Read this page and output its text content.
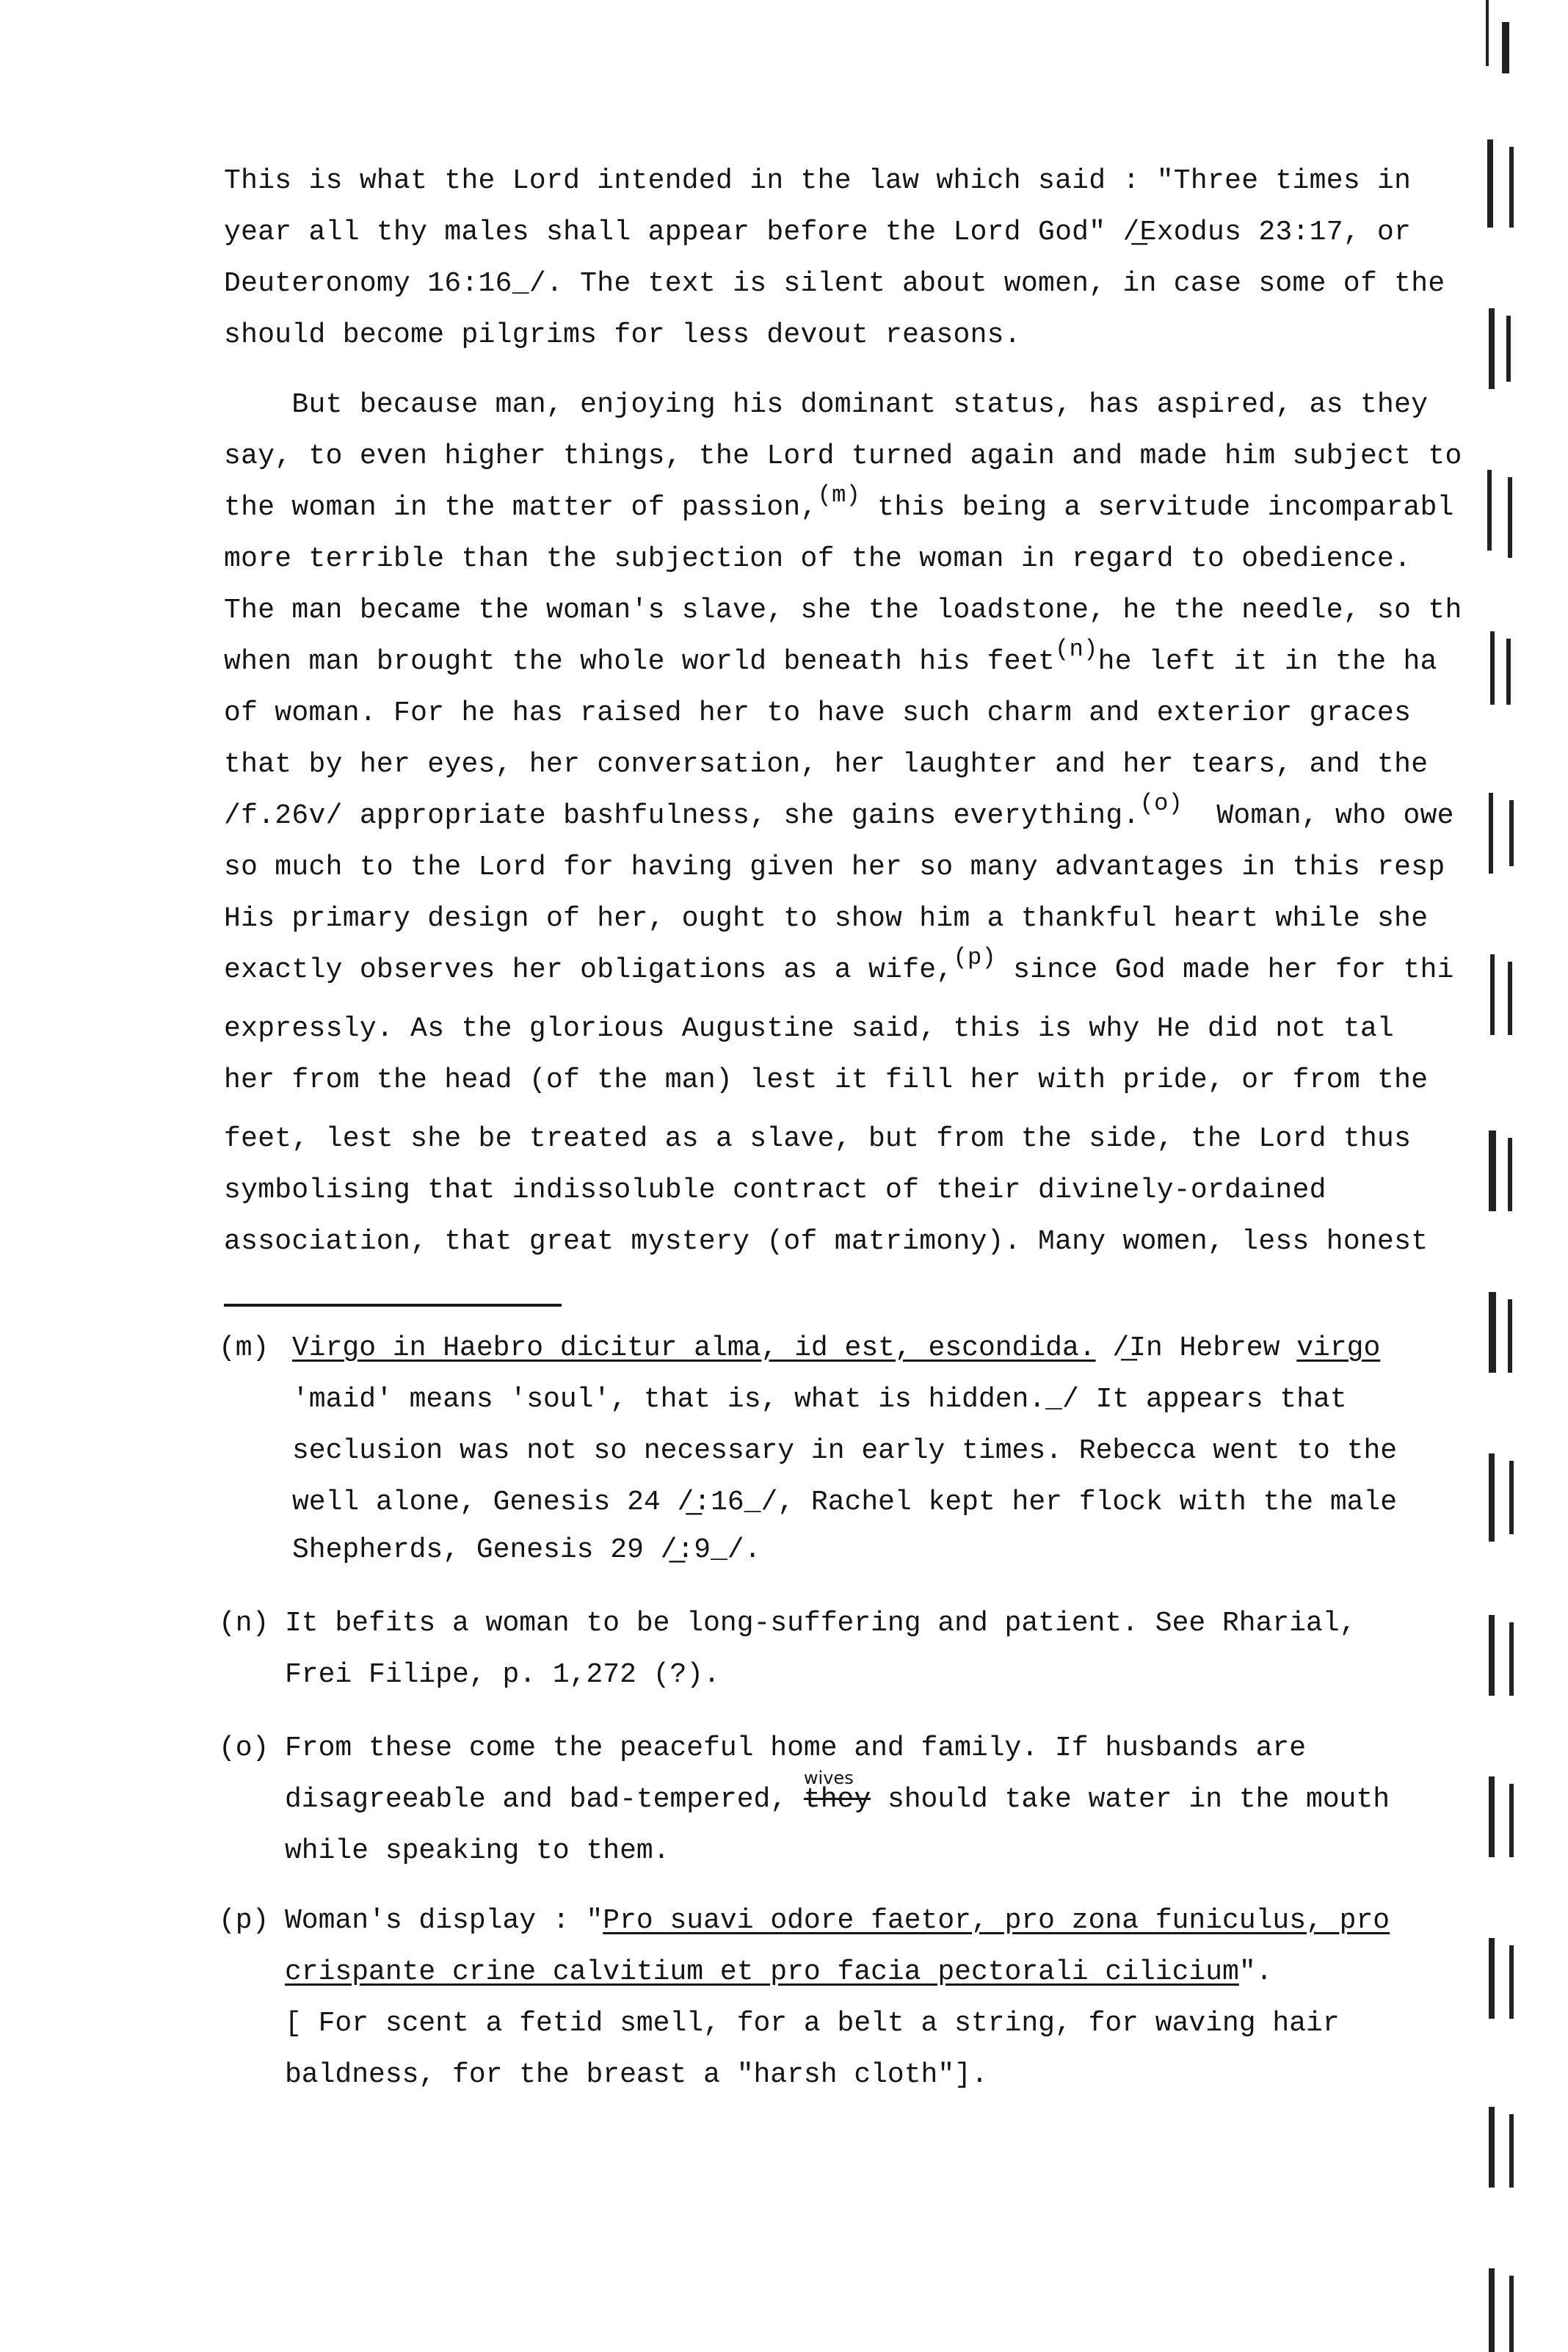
This is what the Lord intended in the law which said : "Three times in
year all thy males shall appear before the Lord God" /̲Exodus 23:17, or
Deuteronomy 16:16_/. The text is silent about women, in case some of the
should become pilgrims for less devout reasons.
But because man, enjoying his dominant status, has aspired, as they
say, to even higher things, the Lord turned again and made him subject to
the woman in the matter of passion,$^{(m)}$ this being a servitude incomparabl
more terrible than the subjection of the woman in regard to obedience.
The man became the woman's slave, she the loadstone, he the needle, so th
when man brought the whole world beneath his feet$^{(n)}$he left it in the ha
of woman. For he has raised her to have such charm and exterior graces
that by her eyes, her conversation, her laughter and her tears, and the
/f.26v/ appropriate bashfulness, she gains everything.$^{(o)}$  Woman, who owe
so much to the Lord for having given her so many advantages in this resp
His primary design of her, ought to show him a thankful heart while she
exactly observes her obligations as a wife,$^{(p)}$ since God made her for thi
expressly. As the glorious Augustine said, this is why He did not tal
her from the head (of the man) lest it fill her with pride, or from the
feet, lest she be treated as a slave, but from the side, the Lord thus
symbolising that indissoluble contract of their divinely-ordained
association, that great mystery (of matrimony). Many women, less honest
(m) Virgo in Haebro dicitur alma, id est, escondida. /̲In Hebrew virgo
'maid' means 'soul', that is, what is hidden._/ It appears that
seclusion was not so necessary in early times. Rebecca went to the
well alone, Genesis 24 /̲:16_/, Rachel kept her flock with the male
Shepherds, Genesis 29 /̲:9_/.
(n) It befits a woman to be long-suffering and patient. See Rharial,
Frei Filipe, p. 1,272 (?).
(o) From these come the peaceful home and family. If husbands are
disagreeable and bad-tempered,
wives
they should take water in the mouth
while speaking to them.
(p) Woman's display : "Pro suavi odore faetor, pro zona funiculus, pro
crispante crine calvitium et pro facia pectorali cilicium".
[ For scent a fetid smell, for a belt a string, for waving hair
baldness, for the breast a "harsh cloth"].
